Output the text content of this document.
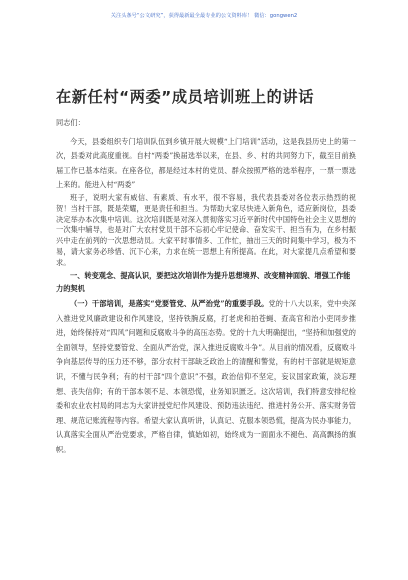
关注头条号“公文研究”，获得最新最全最专业的公文资料库！ 微信：gongwen2
在新任村“两委”成员培训班上的讲话

同志们：

今天，县委组织专门培训队伍到乡镇开展大规模“上门培训”活动，这是我县历史上的第一次，县委对此高度重视。自村“两委”换届选举以来，在县、乡、村的共同努力下，截至目前换届工作已基本结束。在座各位，都是经过本村的党员、群众按照严格的选举程序，一票一票选上来的。能进入村“两委”

班子，说明大家有威信、有素质、有水平，很不容易，我代表县委对各位表示热烈的祝贺！当村干部，既是荣耀，更是责任和担当。为帮助大家尽快进入新角色，适应新岗位，县委决定举办本次集中培训。这次培训既是对深入贯彻落实习近平新时代中国特色社会主义思想的一次集中辅导，也是对广大农村党员干部不忘初心牢记使命、奋发实干、担当有为，在乡村振兴中走在前列的一次思想动员。大家平时事情多、工作忙，抽出三天的时间集中学习，极为不易，请大家务必珍惜、沉下心来，力求在统一思想上有所提高。在此，对大家提几点希望和要求。

一、转变观念、提高认识，要把这次培训作为提升思想境界、改变精神面貌、增强工作能力的契机

（一）干部培训，是落实“党要管党、从严治党”的重要手段。党的十八大以来，党中央深入推进党风廉政建设和作风建设，坚持铁腕反腐，打老虎和拍苍蝇、查高官和治小吏同步推进，始终保持对“四风”问题和反腐败斗争的高压态势。党的十九大明确提出，“坚持和加强党的全面领导，坚持党要管党、全面从严治党，深入推进反腐败斗争”。从目前的情况看，反腐败斗争向基层传导的压力还不够，部分农村干部缺乏政治上的清醒和警觉，有的村干部就是规矩意识，不懂与民争利；有的村干部“四个意识”不强，政治信仰不坚定，妄议国家政策，淡忘理想、丧失信仰；有的干部本领不足、本领恐慌，业务知识匮乏。这次培训，我们特意安排纪检委和农业农村局的同志为大家讲授党纪作风建设、预防违法违纪、推进村务公开、落实财务管理、规范记账流程等内容。希望大家认真听讲，认真记、克服本领恐慌，提高为民办事能力，认真落实全面从严治党要求，严格自律，慎始如初，始终成为一面面永不褪色、高高飘扬的旗帜。
